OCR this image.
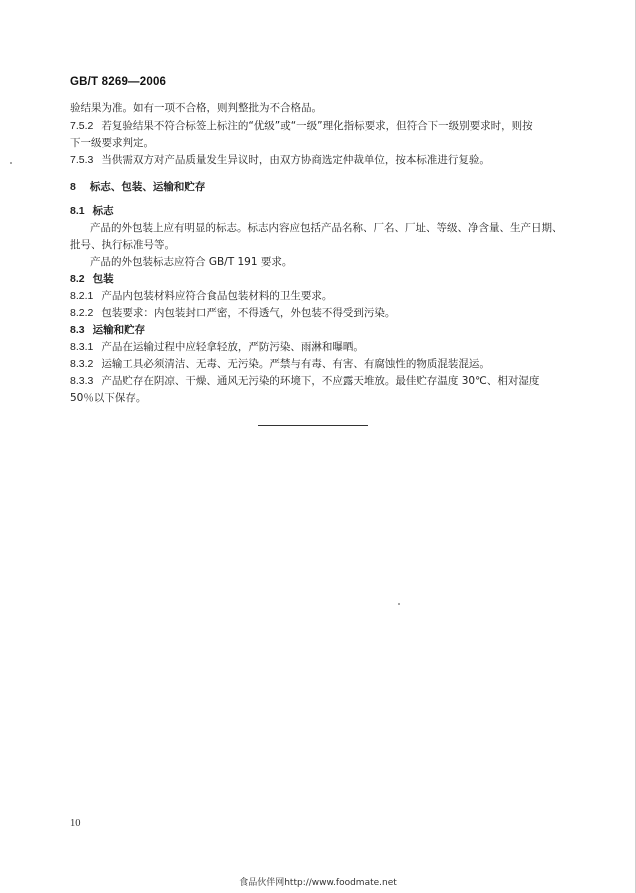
GB/T 8269—2006
验结果为准。如有一项不合格，则判整批为不合格品。
7.5.2 若复验结果不符合标签上标注的“优级”或“一级”理化指标要求，但符合下一级别要求时，则按
下一级要求判定。
7.5.3 当供需双方对产品质量发生异议时，由双方协商选定仲裁单位，按本标准进行复验。
8 标志、包装、运输和贮存
8.1 标志
产品的外包装上应有明显的标志。标志内容应包括产品名称、厂名、厂址、等级、净含量、生产日期、
批号、执行标准号等。
产品的外包装标志应符合 GB/T 191 要求。
8.2 包装
8.2.1 产品内包装材料应符合食品包装材料的卫生要求。
8.2.2 包装要求：内包装封口严密，不得透气，外包装不得受到污染。
8.3 运输和贮存
8.3.1 产品在运输过程中应轻拿轻放，严防污染、雨淋和曝晒。
8.3.2 运输工具必须清洁、无毒、无污染。严禁与有毒、有害、有腐蚀性的物质混装混运。
8.3.3 产品贮存在阴凉、干燥、通风无污染的环境下，不应露天堆放。最佳贮存温度 30℃、相对湿度
50％以下保存。
10
食品伙伴网http://www.foodmate.net
